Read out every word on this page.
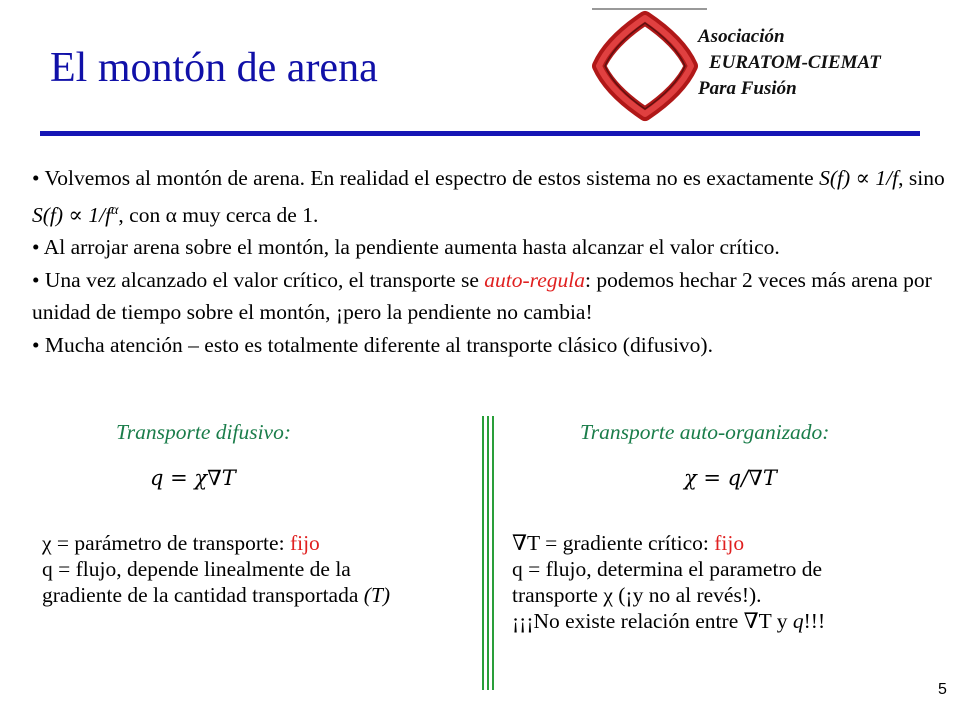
El montón de arena
Asociación
EURATOM-CIEMAT
Para Fusión

• Volvemos al montón de arena. En realidad el espectro de estos sistema no es exactamente S(f) ∝ 1/f, sino $S(f) \propto 1/f^\alpha$, con α muy cerca de 1.

• Al arrojar arena sobre el montón, la pendiente aumenta hasta alcanzar el valor crítico.

• Una vez alcanzado el valor crítico, el transporte se auto-regula: podemos hechar 2 veces más arena por unidad de tiempo sobre el montón, ¡pero la pendiente no cambia!

• Mucha atención – esto es totalmente diferente al transporte clásico (difusivo).

Transporte difusivo:	Transporte auto-organizado:
q = χ∇T	χ = q/∇T
χ = parámetro de transporte: fijo
q = flujo, depende linealmente de la
gradiente de la cantidad transportada (T)
∇T = gradiente crítico: fijo
q = flujo, determina el parametro de
transporte χ (¡y no al revés!).
¡¡¡No existe relación entre ∇T y q!!!
5
